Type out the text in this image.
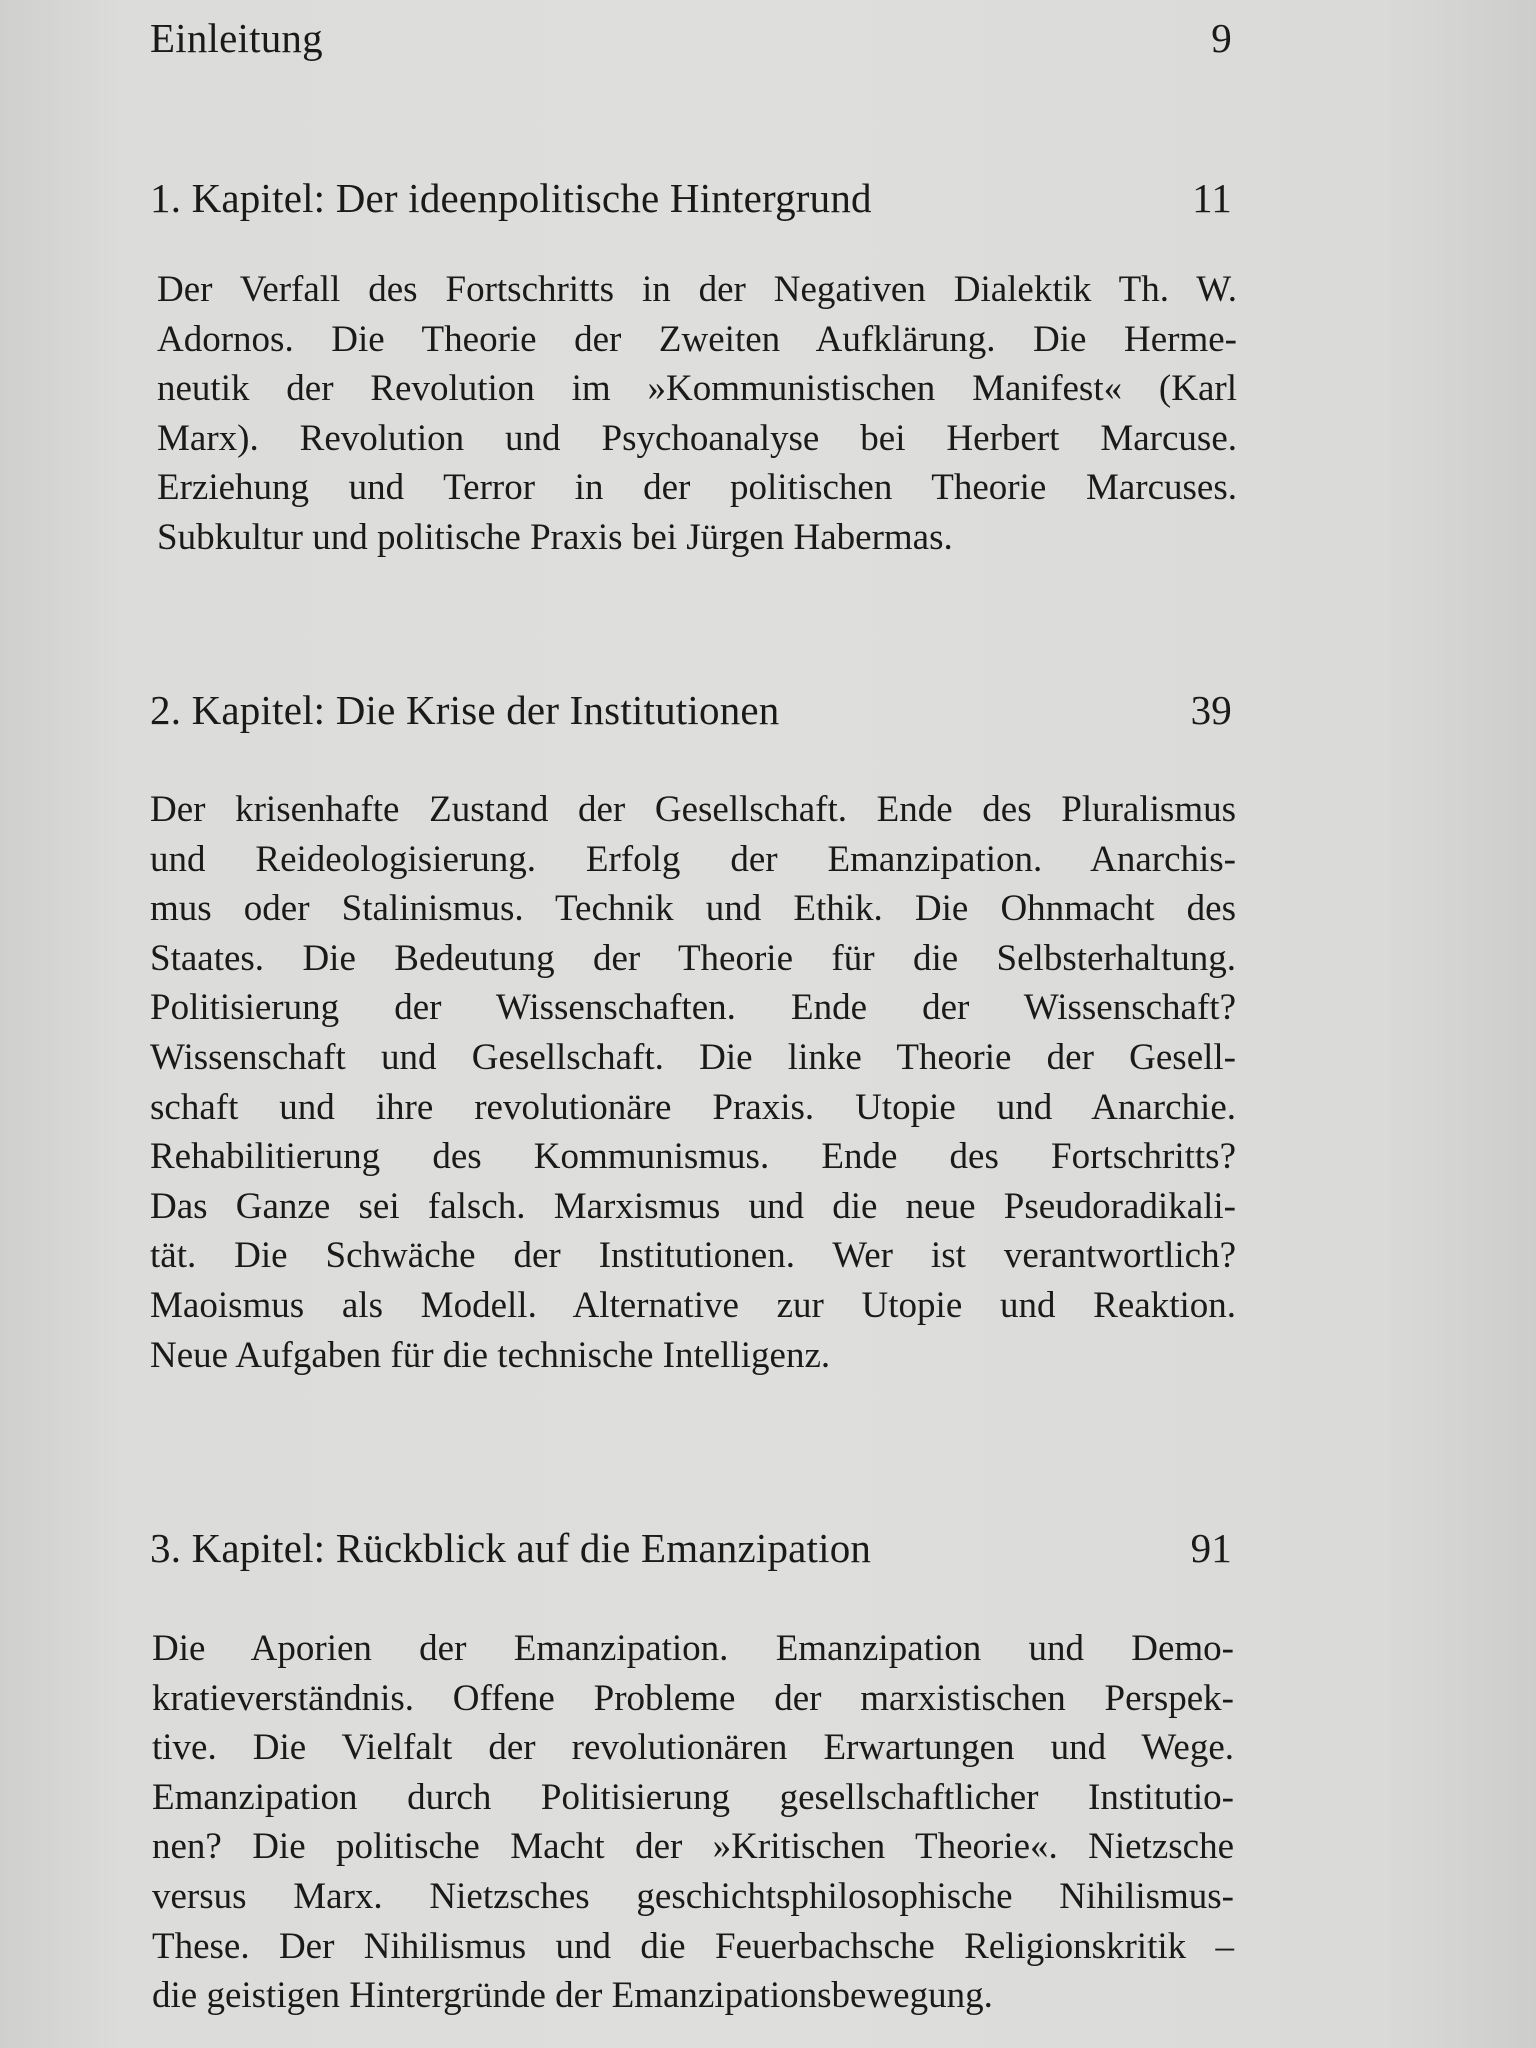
Einleitung	9
1. Kapitel: Der ideenpolitische Hintergrund	11
Der Verfall des Fortschritts in der Negativen Dialektik Th. W.
Adornos. Die Theorie der Zweiten Aufklärung. Die Herme-
neutik der Revolution im »Kommunistischen Manifest« (Karl
Marx). Revolution und Psychoanalyse bei Herbert Marcuse.
Erziehung und Terror in der politischen Theorie Marcuses.
Subkultur und politische Praxis bei Jürgen Habermas.
2. Kapitel: Die Krise der Institutionen	39
Der krisenhafte Zustand der Gesellschaft. Ende des Pluralismus
und Reideologisierung. Erfolg der Emanzipation. Anarchis-
mus oder Stalinismus. Technik und Ethik. Die Ohnmacht des
Staates. Die Bedeutung der Theorie für die Selbsterhaltung.
Politisierung der Wissenschaften. Ende der Wissenschaft?
Wissenschaft und Gesellschaft. Die linke Theorie der Gesell-
schaft und ihre revolutionäre Praxis. Utopie und Anarchie.
Rehabilitierung des Kommunismus. Ende des Fortschritts?
Das Ganze sei falsch. Marxismus und die neue Pseudoradikali-
tät. Die Schwäche der Institutionen. Wer ist verantwortlich?
Maoismus als Modell. Alternative zur Utopie und Reaktion.
Neue Aufgaben für die technische Intelligenz.
3. Kapitel: Rückblick auf die Emanzipation	91
Die Aporien der Emanzipation. Emanzipation und Demo-
kratieverständnis. Offene Probleme der marxistischen Perspek-
tive. Die Vielfalt der revolutionären Erwartungen und Wege.
Emanzipation durch Politisierung gesellschaftlicher Institutio-
nen? Die politische Macht der »Kritischen Theorie«. Nietzsche
versus Marx. Nietzsches geschichtsphilosophische Nihilismus-
These. Der Nihilismus und die Feuerbachsche Religionskritik –
die geistigen Hintergründe der Emanzipationsbewegung.
